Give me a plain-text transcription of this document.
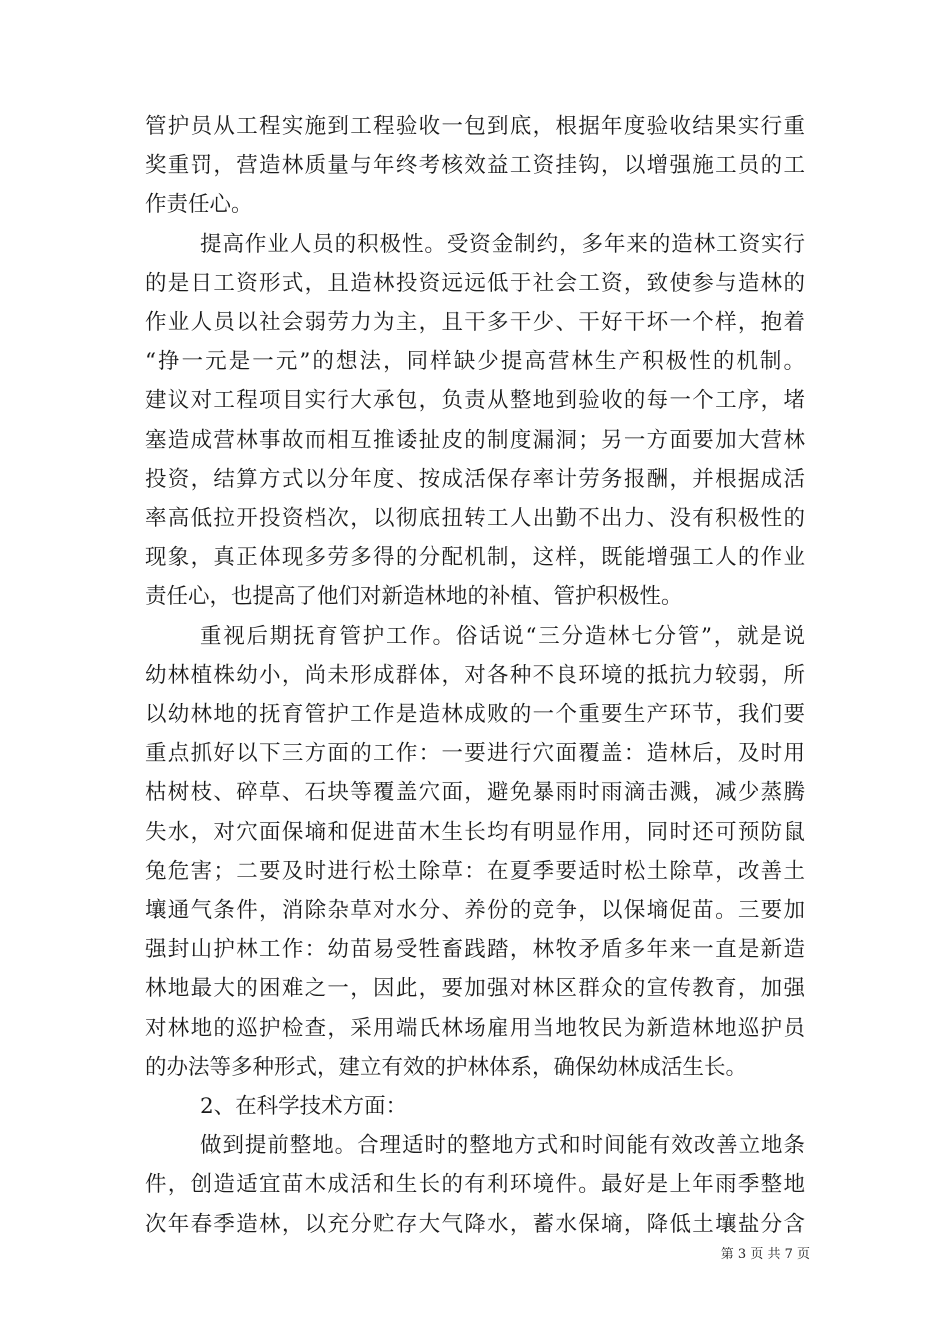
管护员从工程实施到工程验收一包到底，根据年度验收结果实行重
奖重罚，营造林质量与年终考核效益工资挂钩，以增强施工员的工
作责任心。
提高作业人员的积极性。受资金制约，多年来的造林工资实行
的是日工资形式，且造林投资远远低于社会工资，致使参与造林的
作业人员以社会弱劳力为主，且干多干少、干好干坏一个样，抱着
“挣一元是一元”的想法，同样缺少提高营林生产积极性的机制。
建议对工程项目实行大承包，负责从整地到验收的每一个工序，堵
塞造成营林事故而相互推诿扯皮的制度漏洞；另一方面要加大营林
投资，结算方式以分年度、按成活保存率计劳务报酬，并根据成活
率高低拉开投资档次，以彻底扭转工人出勤不出力、没有积极性的
现象，真正体现多劳多得的分配机制，这样，既能增强工人的作业
责任心，也提高了他们对新造林地的补植、管护积极性。
重视后期抚育管护工作。俗话说“三分造林七分管”，就是说
幼林植株幼小，尚未形成群体，对各种不良环境的抵抗力较弱，所
以幼林地的抚育管护工作是造林成败的一个重要生产环节，我们要
重点抓好以下三方面的工作：一要进行穴面覆盖：造林后，及时用
枯树枝、碎草、石块等覆盖穴面，避免暴雨时雨滴击溅，减少蒸腾
失水，对穴面保墒和促进苗木生长均有明显作用，同时还可预防鼠
兔危害；二要及时进行松土除草：在夏季要适时松土除草，改善土
壤通气条件，消除杂草对水分、养份的竞争，以保墒促苗。三要加
强封山护林工作：幼苗易受牲畜践踏，林牧矛盾多年来一直是新造
林地最大的困难之一，因此，要加强对林区群众的宣传教育，加强
对林地的巡护检查，采用端氏林场雇用当地牧民为新造林地巡护员
的办法等多种形式，建立有效的护林体系，确保幼林成活生长。
2、在科学技术方面：
做到提前整地。合理适时的整地方式和时间能有效改善立地条
件，创造适宜苗木成活和生长的有利环境件。最好是上年雨季整地
次年春季造林，以充分贮存大气降水，蓄水保墒，降低土壤盐分含
第 3 页 共 7 页
